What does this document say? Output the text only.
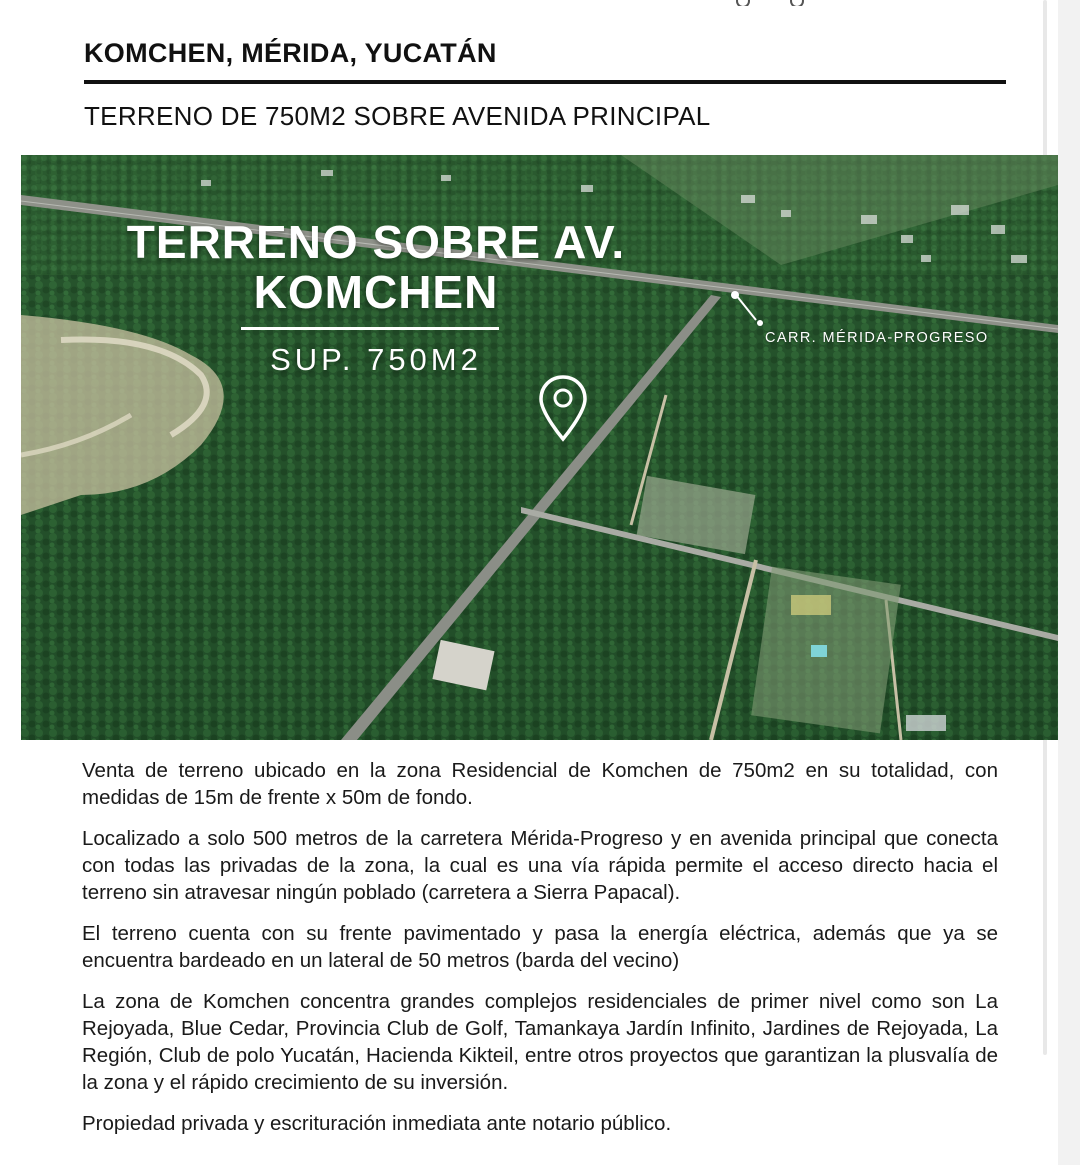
KOMCHEN, MÉRIDA, YUCATÁN

TERRENO DE 750M2 SOBRE AVENIDA PRINCIPAL

TERRENO SOBRE AV.
KOMCHEN
SUP. 750M2
CARR. MÉRIDA-PROGRESO

Venta de terreno ubicado en la zona Residencial de Komchen de 750m2 en su totalidad, con medidas de 15m de frente x 50m de fondo.

Localizado a solo 500 metros de la carretera Mérida-Progreso y en avenida principal que conecta con todas las privadas de la zona, la cual es una vía rápida permite el acceso directo hacia el terreno sin atravesar ningún poblado (carretera a Sierra Papacal).

El terreno cuenta con su frente pavimentado y pasa la energía eléctrica, además que ya se encuentra bardeado en un lateral de 50 metros (barda del vecino)

La zona de Komchen concentra grandes complejos residenciales de primer nivel como son La Rejoyada, Blue Cedar, Provincia Club de Golf, Tamankaya Jardín Infinito, Jardines de Rejoyada, La Región, Club de polo Yucatán, Hacienda Kikteil, entre otros proyectos que garantizan la plusvalía de la zona y el rápido crecimiento de su inversión.

Propiedad privada y escrituración inmediata ante notario público.
